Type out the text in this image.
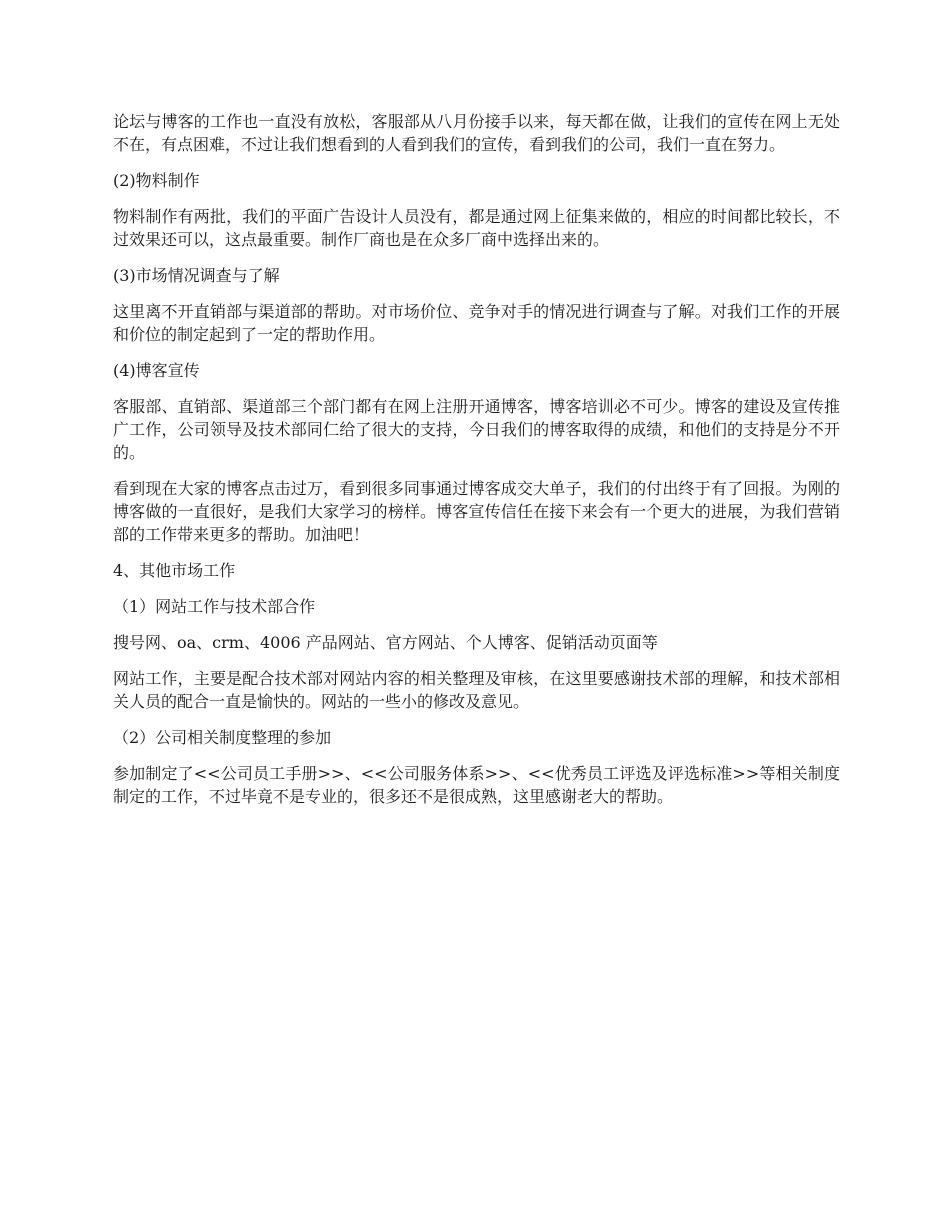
论坛与博客的工作也一直没有放松，客服部从八月份接手以来，每天都在做，让我们的宣传在网上无处不在，有点困难，不过让我们想看到的人看到我们的宣传，看到我们的公司，我们一直在努力。

(2)物料制作

物料制作有两批，我们的平面广告设计人员没有，都是通过网上征集来做的，相应的时间都比较长，不过效果还可以，这点最重要。制作厂商也是在众多厂商中选择出来的。

(3)市场情况调查与了解

这里离不开直销部与渠道部的帮助。对市场价位、竞争对手的情况进行调查与了解。对我们工作的开展和价位的制定起到了一定的帮助作用。

(4)博客宣传

客服部、直销部、渠道部三个部门都有在网上注册开通博客，博客培训必不可少。博客的建设及宣传推广工作，公司领导及技术部同仁给了很大的支持，今日我们的博客取得的成绩，和他们的支持是分不开的。

看到现在大家的博客点击过万，看到很多同事通过博客成交大单子，我们的付出终于有了回报。为刚的博客做的一直很好，是我们大家学习的榜样。博客宣传信任在接下来会有一个更大的进展，为我们营销部的工作带来更多的帮助。加油吧！

4、其他市场工作

（1）网站工作与技术部合作

搜号网、oa、crm、4006 产品网站、官方网站、个人博客、促销活动页面等

网站工作，主要是配合技术部对网站内容的相关整理及审核，在这里要感谢技术部的理解，和技术部相关人员的配合一直是愉快的。网站的一些小的修改及意见。

（2）公司相关制度整理的参加

参加制定了<<公司员工手册>>、<<公司服务体系>>、<<优秀员工评选及评选标准>>等相关制度制定的工作，不过毕竟不是专业的，很多还不是很成熟，这里感谢老大的帮助。
